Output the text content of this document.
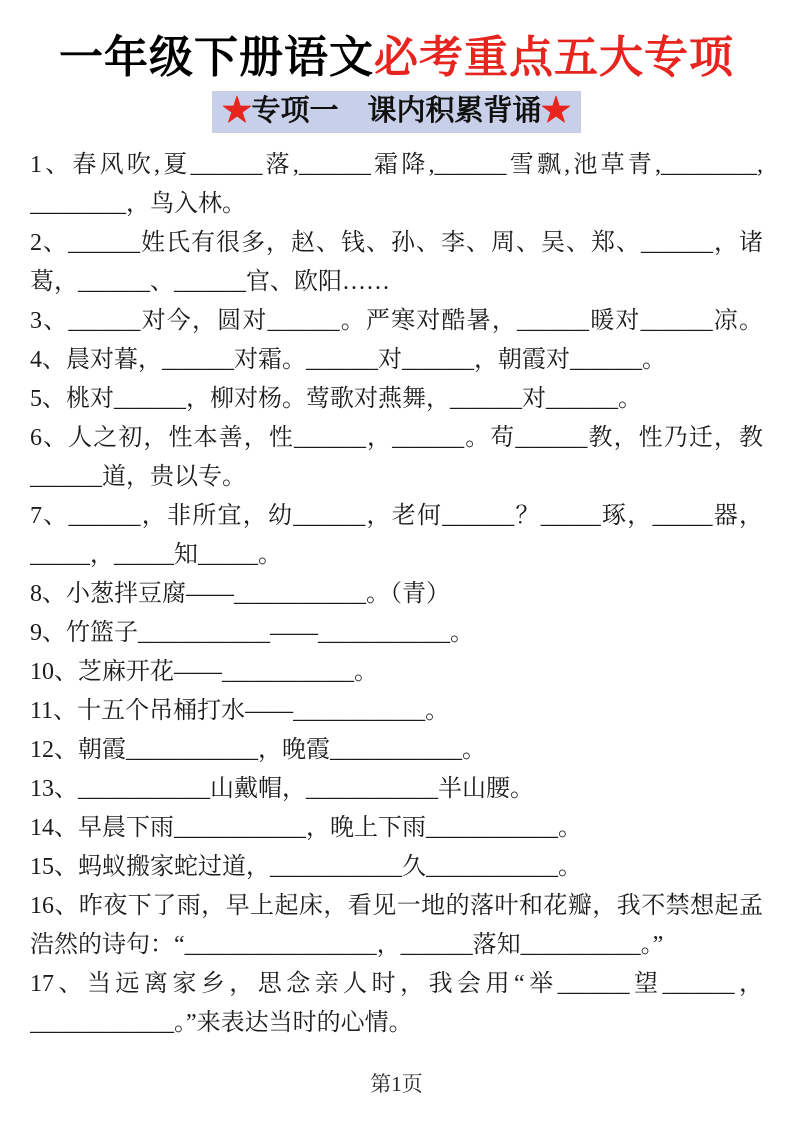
一年级下册语文必考重点五大专项
★专项一　课内积累背诵★
1、春风吹,夏______落,______霜降,______雪飘,池草青,________,
________，鸟入林。
2、______姓氏有很多，赵、钱、孙、李、周、吴、郑、______，诸
葛，______、______官、欧阳……
3、______对今，圆对______。严寒对酷暑，______暖对______凉。
4、晨对暮，______对霜。______对______，朝霞对______。
5、桃对______，柳对杨。莺歌对燕舞，______对______。
6、人之初，性本善，性______，______。苟______教，性乃迁，教
______道，贵以专。
7、______，非所宜，幼______，老何______？_____琢，_____器，
_____，_____知_____。
8、小葱拌豆腐——___________。（青）
9、竹篮子___________——___________。
10、芝麻开花——___________。
11、十五个吊桶打水——___________。
12、朝霞___________，晚霞___________。
13、___________山戴帽，___________半山腰。
14、早晨下雨___________，晚上下雨___________。
15、蚂蚁搬家蛇过道，___________久___________。
16、昨夜下了雨，早上起床，看见一地的落叶和花瓣，我不禁想起孟
浩然的诗句：“________________，______落知__________。”
17、当远离家乡，思念亲人时，我会用“举______望______，
____________。”来表达当时的心情。
第1页
